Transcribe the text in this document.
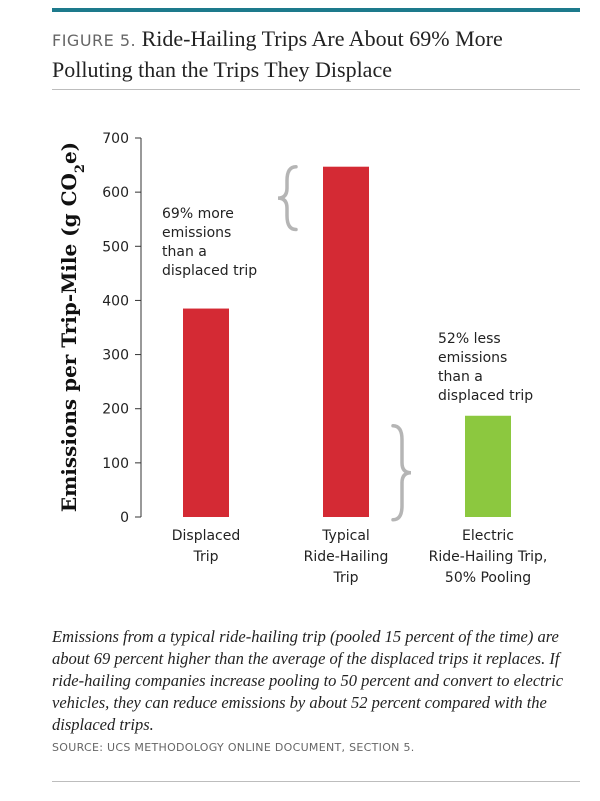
FIGURE 5. Ride-Hailing Trips Are About 69% More Polluting than the Trips They Displace
0
100
200
300
400
500
600
700
Displaced Trip
Typical Ride-Hailing Trip
Electric Ride-Hailing Trip, 50% Pooling
69% more emissions than a displaced trip
52% less emissions than a displaced trip
Emissions per Trip-Mile (g $CO_2e$)
Emissions from a typical ride-hailing trip (pooled 15 percent of the time) are about 69 percent higher than the average of the displaced trips it replaces. If ride-hailing companies increase pooling to 50 percent and convert to electric vehicles, they can reduce emissions by about 52 percent compared with the displaced trips.
SOURCE: UCS METHODOLOGY ONLINE DOCUMENT, SECTION 5.
